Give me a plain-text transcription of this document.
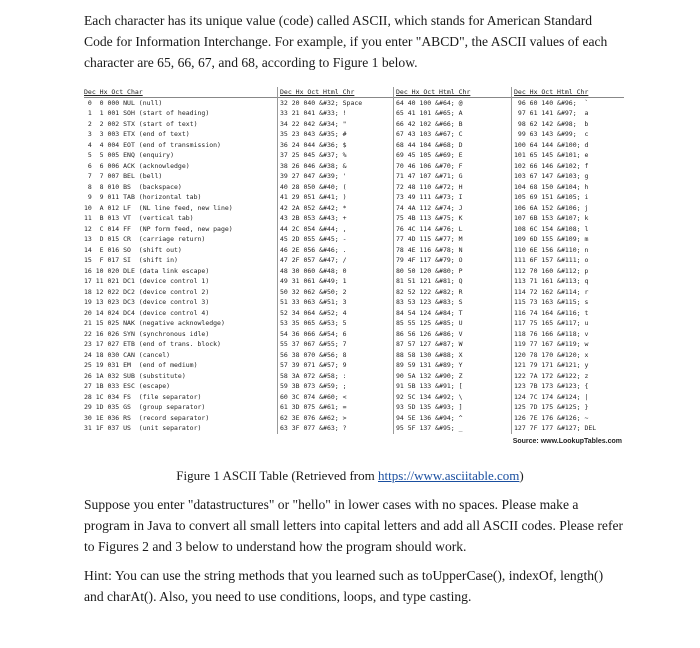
Each character has its unique value (code) called ASCII, which stands for American Standard Code for Information Interchange. For example, if you enter "ABCD", the ASCII values of each character are 65, 66, 67, and 68, according to Figure 1 below.

Dec Hx Oct Char
0  0 000 NUL (null)
1  1 001 SOH (start of heading)
2  2 002 STX (start of text)
3  3 003 ETX (end of text)
4  4 004 EOT (end of transmission)
5  5 005 ENQ (enquiry)
6  6 006 ACK (acknowledge)
7  7 007 BEL (bell)
8  8 010 BS  (backspace)
9  9 011 TAB (horizontal tab)
10  A 012 LF  (NL line feed, new line)
11  B 013 VT  (vertical tab)
12  C 014 FF  (NP form feed, new page)
13  D 015 CR  (carriage return)
14  E 016 SO  (shift out)
15  F 017 SI  (shift in)
16 10 020 DLE (data link escape)
17 11 021 DC1 (device control 1)
18 12 022 DC2 (device control 2)
19 13 023 DC3 (device control 3)
20 14 024 DC4 (device control 4)
21 15 025 NAK (negative acknowledge)
22 16 026 SYN (synchronous idle)
23 17 027 ETB (end of trans. block)
24 18 030 CAN (cancel)
25 19 031 EM  (end of medium)
26 1A 032 SUB (substitute)
27 1B 033 ESC (escape)
28 1C 034 FS  (file separator)
29 1D 035 GS  (group separator)
30 1E 036 RS  (record separator)
31 1F 037 US  (unit separator)
Dec Hx Oct Html Chr
32 20 040 &#32; Space
33 21 041 &#33; !
34 22 042 &#34; "
35 23 043 &#35; #
36 24 044 &#36; $
37 25 045 &#37; %
38 26 046 &#38; &
39 27 047 &#39; '
40 28 050 &#40; (
41 29 051 &#41; )
42 2A 052 &#42; *
43 2B 053 &#43; +
44 2C 054 &#44; ,
45 2D 055 &#45; -
46 2E 056 &#46; .
47 2F 057 &#47; /
48 30 060 &#48; 0
49 31 061 &#49; 1
50 32 062 &#50; 2
51 33 063 &#51; 3
52 34 064 &#52; 4
53 35 065 &#53; 5
54 36 066 &#54; 6
55 37 067 &#55; 7
56 38 070 &#56; 8
57 39 071 &#57; 9
58 3A 072 &#58; :
59 3B 073 &#59; ;
60 3C 074 &#60; <
61 3D 075 &#61; =
62 3E 076 &#62; >
63 3F 077 &#63; ?
Dec Hx Oct Html Chr
64 40 100 &#64; @
65 41 101 &#65; A
66 42 102 &#66; B
67 43 103 &#67; C
68 44 104 &#68; D
69 45 105 &#69; E
70 46 106 &#70; F
71 47 107 &#71; G
72 48 110 &#72; H
73 49 111 &#73; I
74 4A 112 &#74; J
75 4B 113 &#75; K
76 4C 114 &#76; L
77 4D 115 &#77; M
78 4E 116 &#78; N
79 4F 117 &#79; O
80 50 120 &#80; P
81 51 121 &#81; Q
82 52 122 &#82; R
83 53 123 &#83; S
84 54 124 &#84; T
85 55 125 &#85; U
86 56 126 &#86; V
87 57 127 &#87; W
88 58 130 &#88; X
89 59 131 &#89; Y
90 5A 132 &#90; Z
91 5B 133 &#91; [
92 5C 134 &#92; \
93 5D 135 &#93; ]
94 5E 136 &#94; ^
95 5F 137 &#95; _
Dec Hx Oct Html Chr
96 60 140 &#96;  `
97 61 141 &#97;  a
98 62 142 &#98;  b
99 63 143 &#99;  c
100 64 144 &#100; d
101 65 145 &#101; e
102 66 146 &#102; f
103 67 147 &#103; g
104 68 150 &#104; h
105 69 151 &#105; i
106 6A 152 &#106; j
107 6B 153 &#107; k
108 6C 154 &#108; l
109 6D 155 &#109; m
110 6E 156 &#110; n
111 6F 157 &#111; o
112 70 160 &#112; p
113 71 161 &#113; q
114 72 162 &#114; r
115 73 163 &#115; s
116 74 164 &#116; t
117 75 165 &#117; u
118 76 166 &#118; v
119 77 167 &#119; w
120 78 170 &#120; x
121 79 171 &#121; y
122 7A 172 &#122; z
123 7B 173 &#123; {
124 7C 174 &#124; |
125 7D 175 &#125; }
126 7E 176 &#126; ~
127 7F 177 &#127; DEL
Source: www.LookupTables.com
Figure 1 ASCII Table (Retrieved from https://www.asciitable.com)

Suppose you enter "datastructures" or "hello" in lower cases with no spaces. Please make a program in Java to convert all small letters into capital letters and add all ASCII codes. Please refer to Figures 2 and 3 below to understand how the program should work.

Hint: You can use the string methods that you learned such as toUpperCase(), indexOf, length() and charAt(). Also, you need to use conditions, loops, and type casting.
